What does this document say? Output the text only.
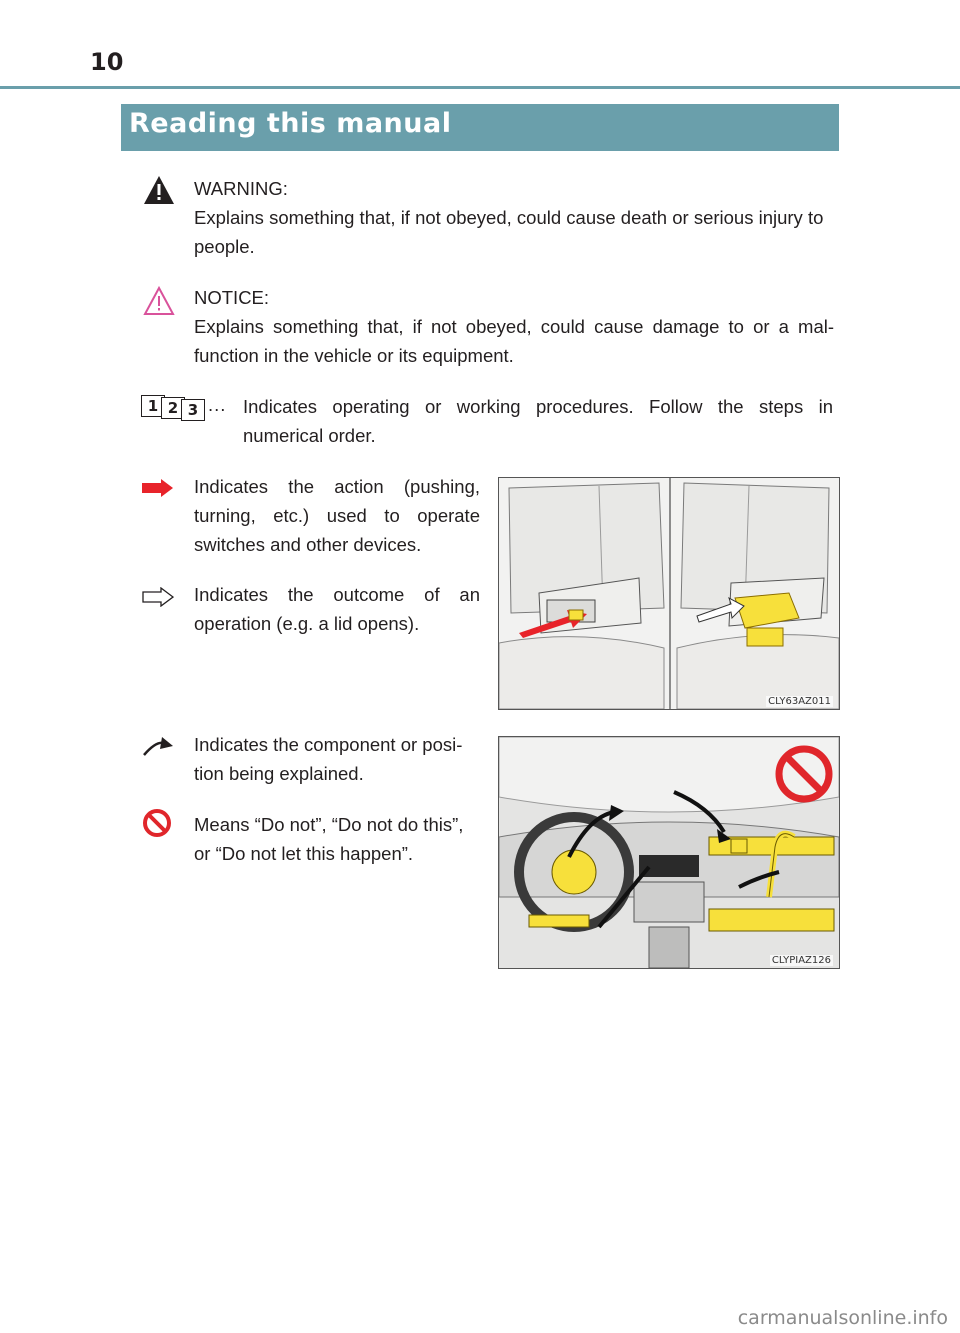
10
Reading this manual
WARNING:
Explains something that, if not obeyed, could cause death or serious injury to people.
NOTICE:
Explains something that, if not obeyed, could cause damage to or a mal-function in the vehicle or its equipment.
1 2 3 ... Indicates operating or working procedures. Follow the steps in numerical order.
Indicates the action (pushing, turning, etc.) used to operate switches and other devices.
Indicates the outcome of an operation (e.g. a lid opens).
CLY63AZ011
Indicates the component or posi-tion being explained.
Means “Do not”, “Do not do this”, or “Do not let this happen”.
CLYPIAZ126
carmanualsonline.info
